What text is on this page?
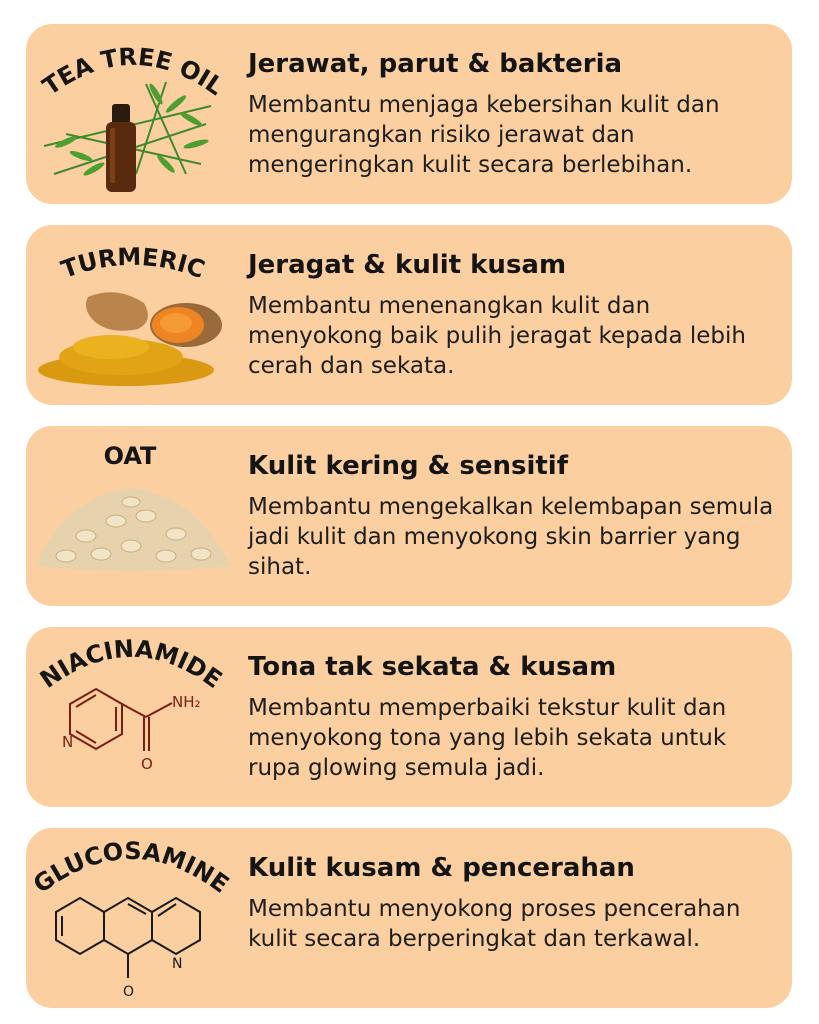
TEA TREE OIL
Jerawat, parut & bakteria

Membantu menjaga kebersihan kulit dan mengurangkan risiko jerawat dan mengeringkan kulit secara berlebihan.

TURMERIC Jeragat & kulit kusam

Membantu menenangkan kulit dan menyokong baik pulih jeragat kepada lebih cerah dan sekata.

OAT	Kulit kering & sensitif

Membantu mengekalkan kelembapan semula jadi kulit dan menyokong skin barrier yang sihat.

NIACINAMIDE
N
NH₂
O
Tona tak sekata & kusam

Membantu memperbaiki tekstur kulit dan menyokong tona yang lebih sekata untuk rupa glowing semula jadi.

GLUCOSAMINE
N
O
Kulit kusam & pencerahan

Membantu menyokong proses pencerahan kulit secara berperingkat dan terkawal.
